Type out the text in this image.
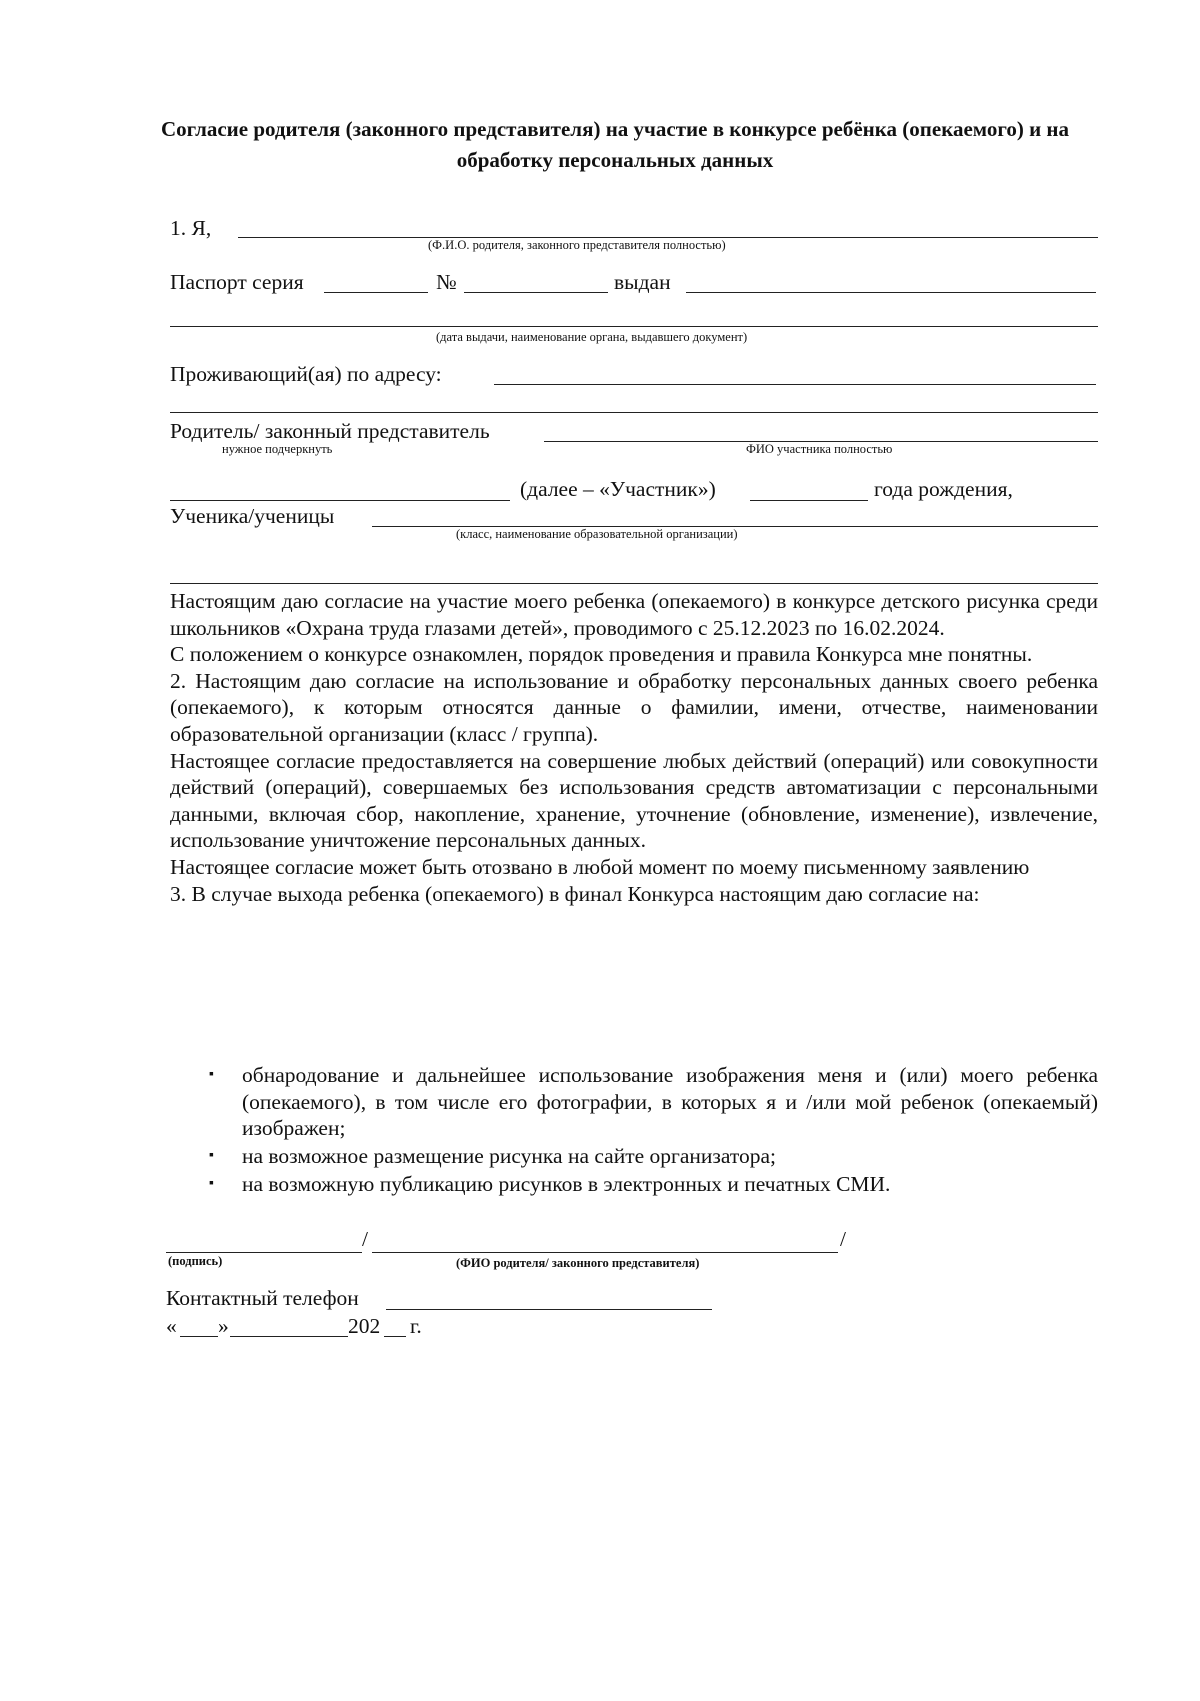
Согласие родителя (законного представителя) на участие в конкурсе ребёнка (опекаемого) и на обработку персональных данных
1. Я,
(Ф.И.О. родителя, законного представителя полностью)
Паспорт серия	№	выдан
(дата выдачи, наименование органа, выдавшего документ)
Проживающий(ая) по адресу:
Родитель/ законный представитель
нужное подчеркнуть	ФИО участника полностью
(далее – «Участник»)	года рождения,
Ученика/ученицы
(класс, наименование образовательной организации)

Настоящим даю согласие на участие моего ребенка (опекаемого) в конкурсе детского рисунка среди школьников «Охрана труда глазами детей», проводимого с 25.12.2023 по 16.02.2024.

С положением о конкурсе ознакомлен, порядок проведения и правила Конкурса мне понятны.

2. Настоящим даю согласие на использование и обработку персональных данных своего ребенка (опекаемого), к которым относятся данные о фамилии, имени, отчестве, наименовании образовательной организации (класс / группа).

Настоящее согласие предоставляется на совершение любых действий (операций) или совокупности действий (операций), совершаемых без использования средств автоматизации с персональными данными, включая сбор, накопление, хранение, уточнение (обновление, изменение), извлечение, использование уничтожение персональных данных.

Настоящее согласие может быть отозвано в любой момент по моему письменному заявлению

3. В случае выхода ребенка (опекаемого) в финал Конкурса настоящим даю согласие на:

▪	обнародование и дальнейшее использование изображения меня и (или) моего ребенка (опекаемого), в том числе его фотографии, в которых я и /или мой ребенок (опекаемый) изображен;
▪	на возможное размещение рисунка на сайте организатора;
▪	на возможную публикацию рисунков в электронных и печатных СМИ.
/	/
(подпись)	(ФИО родителя/ законного представителя)
Контактный телефон
« »	202 г.
